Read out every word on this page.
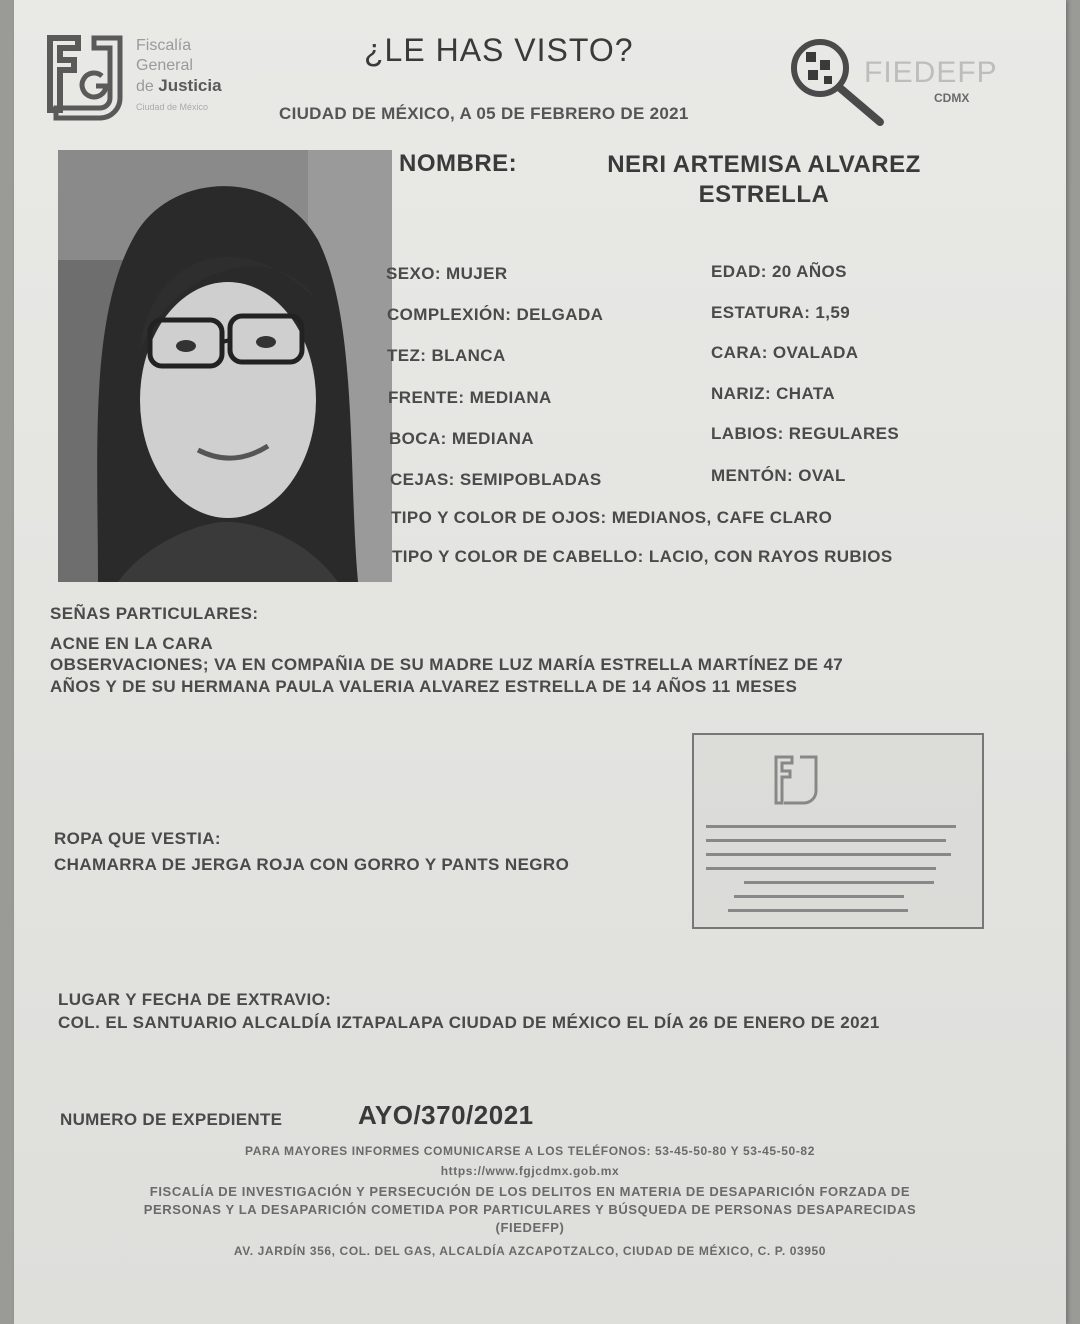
Fiscalía
General
de Justicia
Ciudad de México
¿LE HAS VISTO?
CIUDAD DE MÉXICO, A 05 DE FEBRERO DE 2021
FIEDEFP
CDMX
NOMBRE:	NERI ARTEMISA ALVAREZ
ESTRELLA
SEXO: MUJER	EDAD: 20 AÑOS
COMPLEXIÓN: DELGADA	ESTATURA: 1,59
TEZ: BLANCA	CARA: OVALADA
FRENTE: MEDIANA	NARIZ: CHATA
BOCA: MEDIANA	LABIOS: REGULARES
CEJAS: SEMIPOBLADAS	MENTÓN: OVAL
TIPO Y COLOR DE OJOS: MEDIANOS, CAFE CLARO
TIPO Y COLOR DE CABELLO: LACIO, CON RAYOS RUBIOS
SEÑAS PARTICULARES:
ACNE EN LA CARA
OBSERVACIONES; VA EN COMPAÑIA DE SU MADRE LUZ MARÍA ESTRELLA MARTÍNEZ DE 47
AÑOS Y DE SU HERMANA PAULA VALERIA ALVAREZ ESTRELLA DE 14 AÑOS 11 MESES
ROPA QUE VESTIA:
CHAMARRA DE JERGA ROJA CON GORRO Y PANTS NEGRO
LUGAR Y FECHA DE EXTRAVIO:
COL. EL SANTUARIO ALCALDÍA IZTAPALAPA CIUDAD DE MÉXICO EL DÍA 26 DE ENERO DE 2021
NUMERO DE EXPEDIENTE	AYO/370/2021
PARA MAYORES INFORMES COMUNICARSE A LOS TELÉFONOS: 53-45-50-80 Y 53-45-50-82
https://www.fgjcdmx.gob.mx
FISCALÍA DE INVESTIGACIÓN Y PERSECUCIÓN DE LOS DELITOS EN MATERIA DE DESAPARICIÓN FORZADA DE
PERSONAS Y LA DESAPARICIÓN COMETIDA POR PARTICULARES Y BÚSQUEDA DE PERSONAS DESAPARECIDAS
(FIEDEFP)
AV. JARDÍN 356, COL. DEL GAS, ALCALDÍA AZCAPOTZALCO, CIUDAD DE MÉXICO, C. P. 03950
